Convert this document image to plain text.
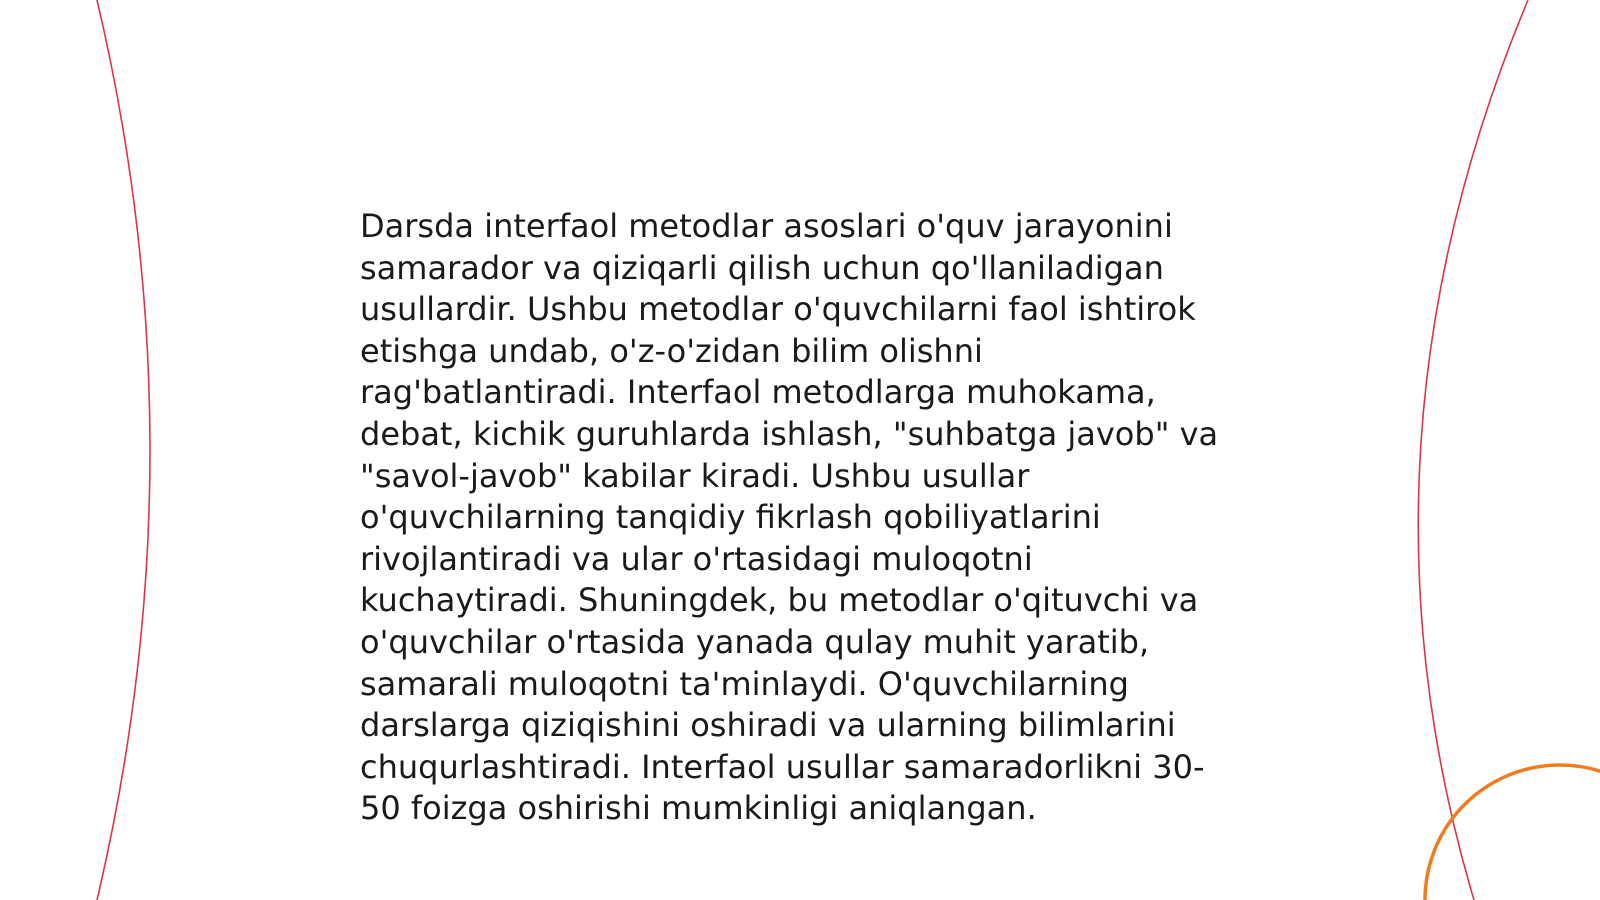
Darsda interfaol metodlar asoslari o'quv jarayonini
samarador va qiziqarli qilish uchun qo'llaniladigan
usullardir. Ushbu metodlar o'quvchilarni faol ishtirok
etishga undab, o'z-o'zidan bilim olishni
rag'batlantiradi. Interfaol metodlarga muhokama,
debat, kichik guruhlarda ishlash, "suhbatga javob" va
"savol-javob" kabilar kiradi. Ushbu usullar
o'quvchilarning tanqidiy fikrlash qobiliyatlarini
rivojlantiradi va ular o'rtasidagi muloqotni
kuchaytiradi. Shuningdek, bu metodlar o'qituvchi va
o'quvchilar o'rtasida yanada qulay muhit yaratib,
samarali muloqotni ta'minlaydi. O'quvchilarning
darslarga qiziqishini oshiradi va ularning bilimlarini
chuqurlashtiradi. Interfaol usullar samaradorlikni 30-
50 foizga oshirishi mumkinligi aniqlangan.
